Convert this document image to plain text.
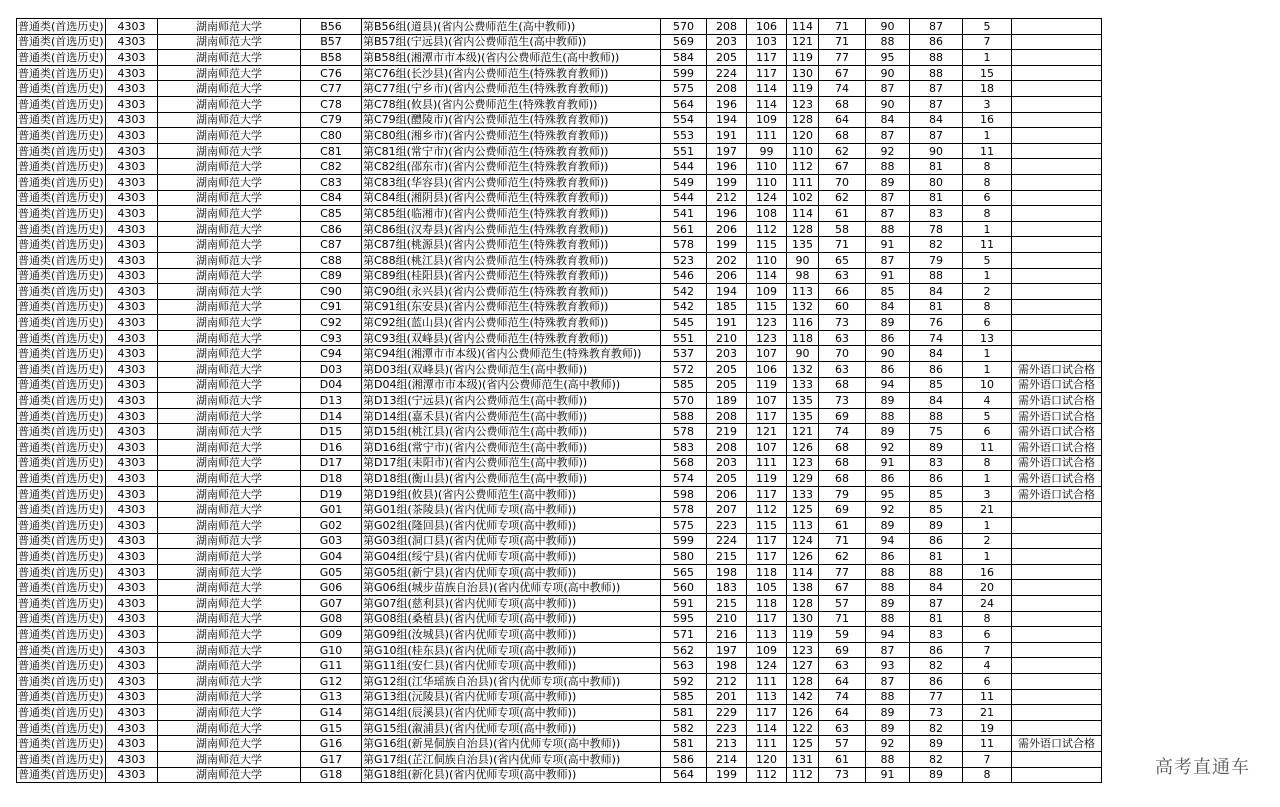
普通类(首选历史)	4303	湖南师范大学	B56	第B56组(道县)(省内公费师范生(高中教师))	570	208	106	114	71	90	87	5		
普通类(首选历史)	4303	湖南师范大学	B57	第B57组(宁远县)(省内公费师范生(高中教师))	569	203	103	121	71	88	86	7		
普通类(首选历史)	4303	湖南师范大学	B58	第B58组(湘潭市市本级)(省内公费师范生(高中教师))	584	205	117	119	77	95	88	1		
普通类(首选历史)	4303	湖南师范大学	C76	第C76组(长沙县)(省内公费师范生(特殊教育教师))	599	224	117	130	67	90	88	15		
普通类(首选历史)	4303	湖南师范大学	C77	第C77组(宁乡市)(省内公费师范生(特殊教育教师))	575	208	114	119	74	87	87	18		
普通类(首选历史)	4303	湖南师范大学	C78	第C78组(攸县)(省内公费师范生(特殊教育教师))	564	196	114	123	68	90	87	3		
普通类(首选历史)	4303	湖南师范大学	C79	第C79组(醴陵市)(省内公费师范生(特殊教育教师))	554	194	109	128	64	84	84	16		
普通类(首选历史)	4303	湖南师范大学	C80	第C80组(湘乡市)(省内公费师范生(特殊教育教师))	553	191	111	120	68	87	87	1		
普通类(首选历史)	4303	湖南师范大学	C81	第C81组(常宁市)(省内公费师范生(特殊教育教师))	551	197	99	110	62	92	90	11		
普通类(首选历史)	4303	湖南师范大学	C82	第C82组(邵东市)(省内公费师范生(特殊教育教师))	544	196	110	112	67	88	81	8		
普通类(首选历史)	4303	湖南师范大学	C83	第C83组(华容县)(省内公费师范生(特殊教育教师))	549	199	110	111	70	89	80	8		
普通类(首选历史)	4303	湖南师范大学	C84	第C84组(湘阴县)(省内公费师范生(特殊教育教师))	544	212	124	102	62	87	81	6		
普通类(首选历史)	4303	湖南师范大学	C85	第C85组(临湘市)(省内公费师范生(特殊教育教师))	541	196	108	114	61	87	83	8		
普通类(首选历史)	4303	湖南师范大学	C86	第C86组(汉寿县)(省内公费师范生(特殊教育教师))	561	206	112	128	58	88	78	1		
普通类(首选历史)	4303	湖南师范大学	C87	第C87组(桃源县)(省内公费师范生(特殊教育教师))	578	199	115	135	71	91	82	11		
普通类(首选历史)	4303	湖南师范大学	C88	第C88组(桃江县)(省内公费师范生(特殊教育教师))	523	202	110	90	65	87	79	5		
普通类(首选历史)	4303	湖南师范大学	C89	第C89组(桂阳县)(省内公费师范生(特殊教育教师))	546	206	114	98	63	91	88	1		
普通类(首选历史)	4303	湖南师范大学	C90	第C90组(永兴县)(省内公费师范生(特殊教育教师))	542	194	109	113	66	85	84	2		
普通类(首选历史)	4303	湖南师范大学	C91	第C91组(东安县)(省内公费师范生(特殊教育教师))	542	185	115	132	60	84	81	8		
普通类(首选历史)	4303	湖南师范大学	C92	第C92组(蓝山县)(省内公费师范生(特殊教育教师))	545	191	123	116	73	89	76	6		
普通类(首选历史)	4303	湖南师范大学	C93	第C93组(双峰县)(省内公费师范生(特殊教育教师))	551	210	123	118	63	86	74	13		
普通类(首选历史)	4303	湖南师范大学	C94	第C94组(湘潭市市本级)(省内公费师范生(特殊教育教师))	537	203	107	90	70	90	84	1		
普通类(首选历史)	4303	湖南师范大学	D03	第D03组(双峰县)(省内公费师范生(高中教师))	572	205	106	132	63	86	86	1	需外语口试合格	
普通类(首选历史)	4303	湖南师范大学	D04	第D04组(湘潭市市本级)(省内公费师范生(高中教师))	585	205	119	133	68	94	85	10	需外语口试合格	
普通类(首选历史)	4303	湖南师范大学	D13	第D13组(宁远县)(省内公费师范生(高中教师))	570	189	107	135	73	89	84	4	需外语口试合格	
普通类(首选历史)	4303	湖南师范大学	D14	第D14组(嘉禾县)(省内公费师范生(高中教师))	588	208	117	135	69	88	88	5	需外语口试合格	
普通类(首选历史)	4303	湖南师范大学	D15	第D15组(桃江县)(省内公费师范生(高中教师))	578	219	121	121	74	89	75	6	需外语口试合格	
普通类(首选历史)	4303	湖南师范大学	D16	第D16组(常宁市)(省内公费师范生(高中教师))	583	208	107	126	68	92	89	11	需外语口试合格	
普通类(首选历史)	4303	湖南师范大学	D17	第D17组(耒阳市)(省内公费师范生(高中教师))	568	203	111	123	68	91	83	8	需外语口试合格	
普通类(首选历史)	4303	湖南师范大学	D18	第D18组(衡山县)(省内公费师范生(高中教师))	574	205	119	129	68	86	86	1	需外语口试合格	
普通类(首选历史)	4303	湖南师范大学	D19	第D19组(攸县)(省内公费师范生(高中教师))	598	206	117	133	79	95	85	3	需外语口试合格	
普通类(首选历史)	4303	湖南师范大学	G01	第G01组(茶陵县)(省内优师专项(高中教师))	578	207	112	125	69	92	85	21		
普通类(首选历史)	4303	湖南师范大学	G02	第G02组(隆回县)(省内优师专项(高中教师))	575	223	115	113	61	89	89	1		
普通类(首选历史)	4303	湖南师范大学	G03	第G03组(洞口县)(省内优师专项(高中教师))	599	224	117	124	71	94	86	2		
普通类(首选历史)	4303	湖南师范大学	G04	第G04组(绥宁县)(省内优师专项(高中教师))	580	215	117	126	62	86	81	1		
普通类(首选历史)	4303	湖南师范大学	G05	第G05组(新宁县)(省内优师专项(高中教师))	565	198	118	114	77	88	88	16		
普通类(首选历史)	4303	湖南师范大学	G06	第G06组(城步苗族自治县)(省内优师专项(高中教师))	560	183	105	138	67	88	84	20		
普通类(首选历史)	4303	湖南师范大学	G07	第G07组(慈利县)(省内优师专项(高中教师))	591	215	118	128	57	89	87	24		
普通类(首选历史)	4303	湖南师范大学	G08	第G08组(桑植县)(省内优师专项(高中教师))	595	210	117	130	71	88	81	8		
普通类(首选历史)	4303	湖南师范大学	G09	第G09组(汝城县)(省内优师专项(高中教师))	571	216	113	119	59	94	83	6		
普通类(首选历史)	4303	湖南师范大学	G10	第G10组(桂东县)(省内优师专项(高中教师))	562	197	109	123	69	87	86	7		
普通类(首选历史)	4303	湖南师范大学	G11	第G11组(安仁县)(省内优师专项(高中教师))	563	198	124	127	63	93	82	4		
普通类(首选历史)	4303	湖南师范大学	G12	第G12组(江华瑶族自治县)(省内优师专项(高中教师))	592	212	111	128	64	87	86	6		
普通类(首选历史)	4303	湖南师范大学	G13	第G13组(沅陵县)(省内优师专项(高中教师))	585	201	113	142	74	88	77	11		
普通类(首选历史)	4303	湖南师范大学	G14	第G14组(辰溪县)(省内优师专项(高中教师))	581	229	117	126	64	89	73	21		
普通类(首选历史)	4303	湖南师范大学	G15	第G15组(溆浦县)(省内优师专项(高中教师))	582	223	114	122	63	89	82	19		
普通类(首选历史)	4303	湖南师范大学	G16	第G16组(新晃侗族自治县)(省内优师专项(高中教师))	581	213	111	125	57	92	89	11	需外语口试合格	
普通类(首选历史)	4303	湖南师范大学	G17	第G17组(芷江侗族自治县)(省内优师专项(高中教师))	586	214	120	131	61	88	82	7		
普通类(首选历史)	4303	湖南师范大学	G18	第G18组(新化县)(省内优师专项(高中教师))	564	199	112	112	73	91	89	8			高考直通车
